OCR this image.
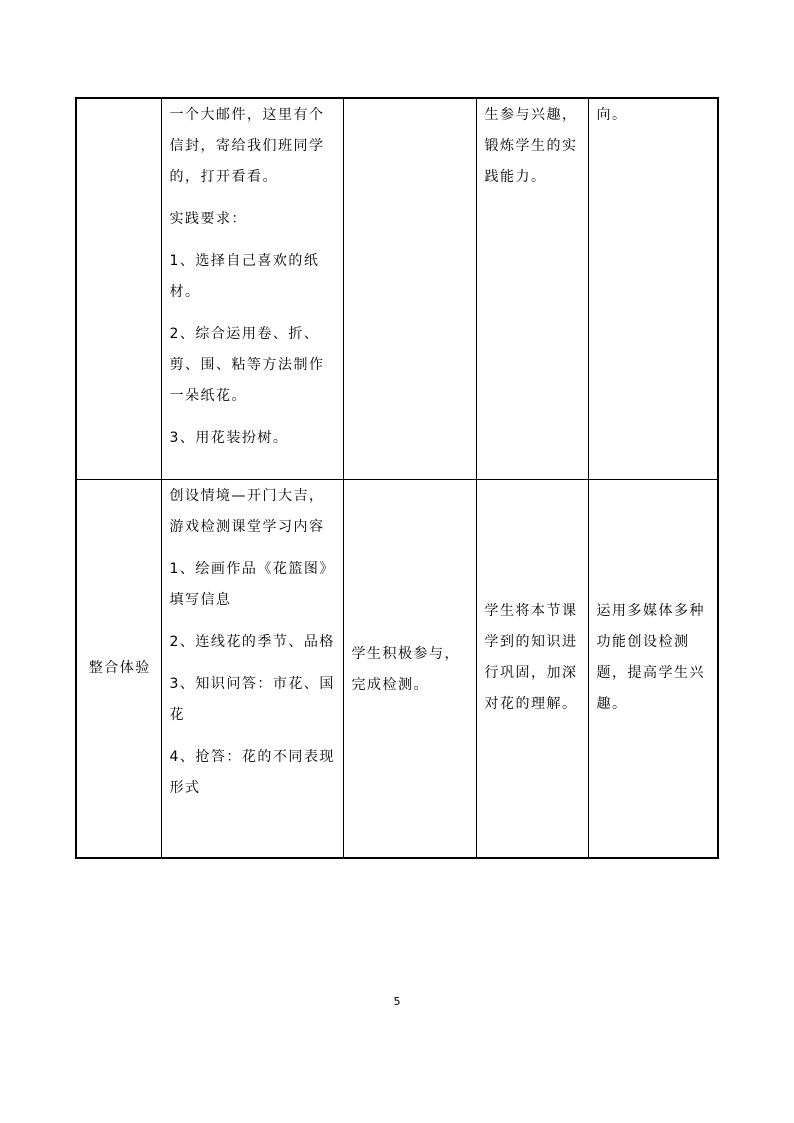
	一个大邮件，这里有个信封，寄给我们班同学的，打开看看。
实践要求：
1、选择自己喜欢的纸材。
2、综合运用卷、折、剪、围、粘等方法制作一朵纸花。
3、用花装扮树。		生参与兴趣，锻炼学生的实践能力。	向。
整合体验	创设情境—开门大吉，游戏检测课堂学习内容
1、绘画作品《花篮图》填写信息
2、连线花的季节、品格
3、知识问答：市花、国花
4、抢答：花的不同表现形式	学生积极参与，完成检测。	学生将本节课学到的知识进行巩固，加深对花的理解。	运用多媒体多种功能创设检测题，提高学生兴趣。
5
